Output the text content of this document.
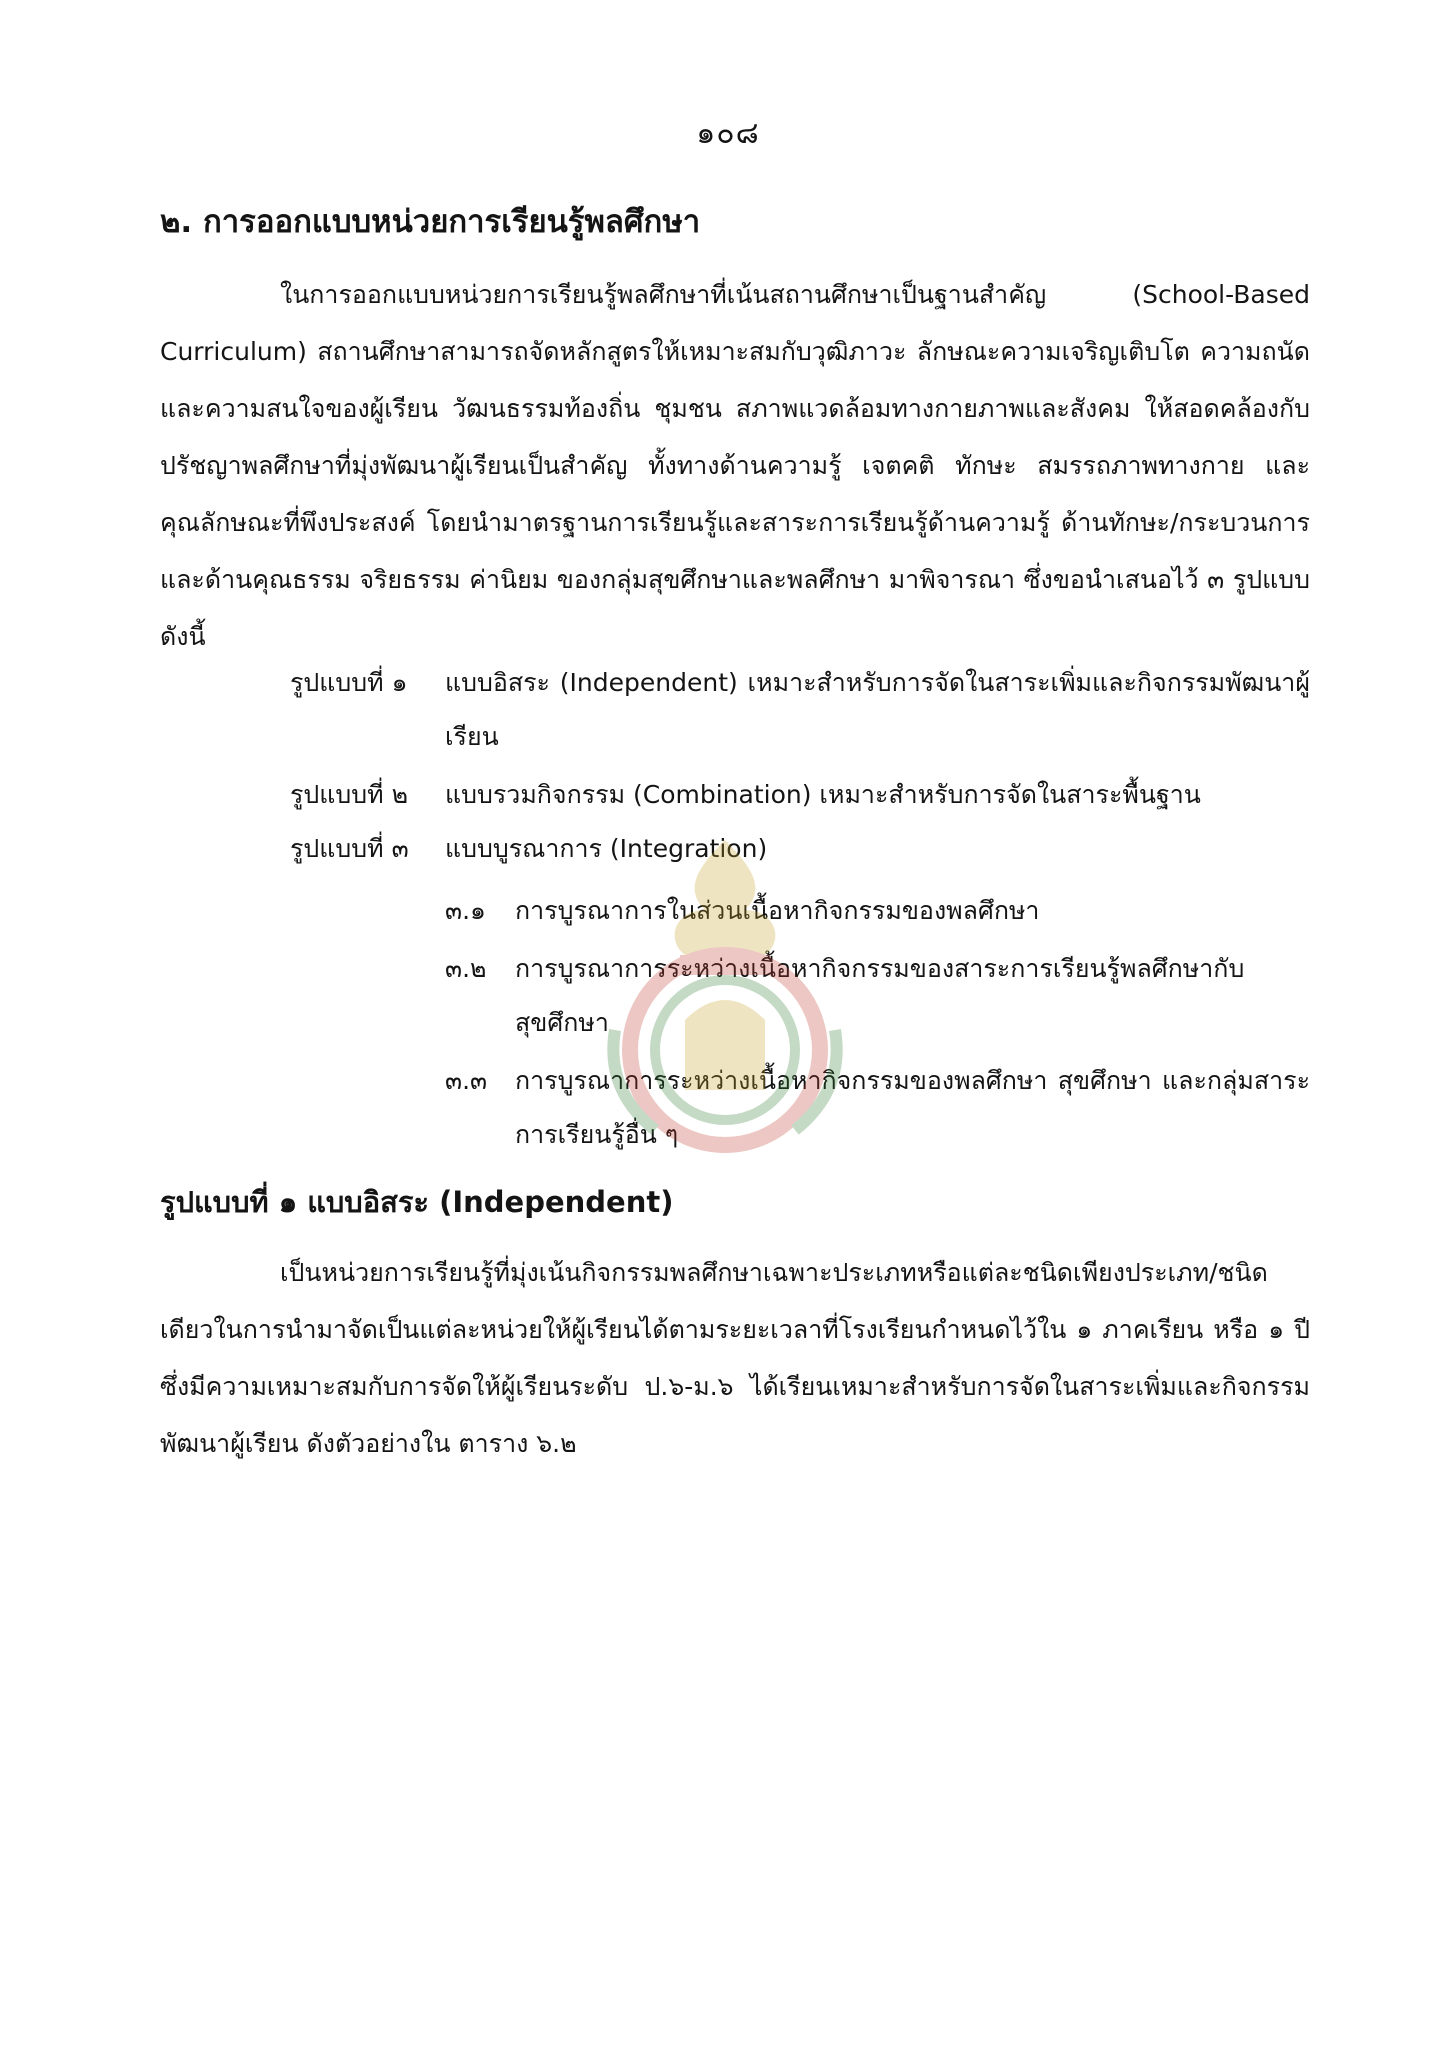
๑๐๘
๒. การออกแบบหน่วยการเรียนรู้พลศึกษา

ในการออกแบบหน่วยการเรียนรู้พลศึกษาที่เน้นสถานศึกษาเป็นฐานสำคัญ (School-Based Curriculum) สถานศึกษาสามารถจัดหลักสูตรให้เหมาะสมกับวุฒิภาวะ ลักษณะความเจริญเติบโต ความถนัดและความสนใจของผู้เรียน วัฒนธรรมท้องถิ่น ชุมชน สภาพแวดล้อมทางกายภาพและสังคม ให้สอดคล้องกับปรัชญาพลศึกษาที่มุ่งพัฒนาผู้เรียนเป็นสำคัญ ทั้งทางด้านความรู้ เจตคติ ทักษะ สมรรถภาพทางกาย และคุณลักษณะที่พึงประสงค์ โดยนำมาตรฐานการเรียนรู้และสาระการเรียนรู้ด้านความรู้ ด้านทักษะ/กระบวนการ และด้านคุณธรรม จริยธรรม ค่านิยม ของกลุ่มสุขศึกษาและพลศึกษา มาพิจารณา ซึ่งขอนำเสนอไว้ ๓ รูปแบบ ดังนี้

รูปแบบที่ ๑	แบบอิสระ (Independent) เหมาะสำหรับการจัดในสาระเพิ่มและกิจกรรมพัฒนาผู้เรียน
รูปแบบที่ ๒	แบบรวมกิจกรรม (Combination) เหมาะสำหรับการจัดในสาระพื้นฐาน
รูปแบบที่ ๓	แบบบูรณาการ (Integration)
๓.๑	การบูรณาการในส่วนเนื้อหากิจกรรมของพลศึกษา
๓.๒	การบูรณาการระหว่างเนื้อหากิจกรรมของสาระการเรียนรู้พลศึกษากับสุขศึกษา
๓.๓	การบูรณาการระหว่างเนื้อหากิจกรรมของพลศึกษา สุขศึกษา และกลุ่มสาระการเรียนรู้อื่น ๆ
รูปแบบที่ ๑ แบบอิสระ (Independent)

เป็นหน่วยการเรียนรู้ที่มุ่งเน้นกิจกรรมพลศึกษาเฉพาะประเภทหรือแต่ละชนิดเพียงประเภท/ชนิดเดียวในการนำมาจัดเป็นแต่ละหน่วยให้ผู้เรียนได้ตามระยะเวลาที่โรงเรียนกำหนดไว้ใน ๑ ภาคเรียน หรือ ๑ ปี ซึ่งมีความเหมาะสมกับการจัดให้ผู้เรียนระดับ ป.๖-ม.๖ ได้เรียนเหมาะสำหรับการจัดในสาระเพิ่มและกิจกรรมพัฒนาผู้เรียน ดังตัวอย่างใน ตาราง ๖.๒
